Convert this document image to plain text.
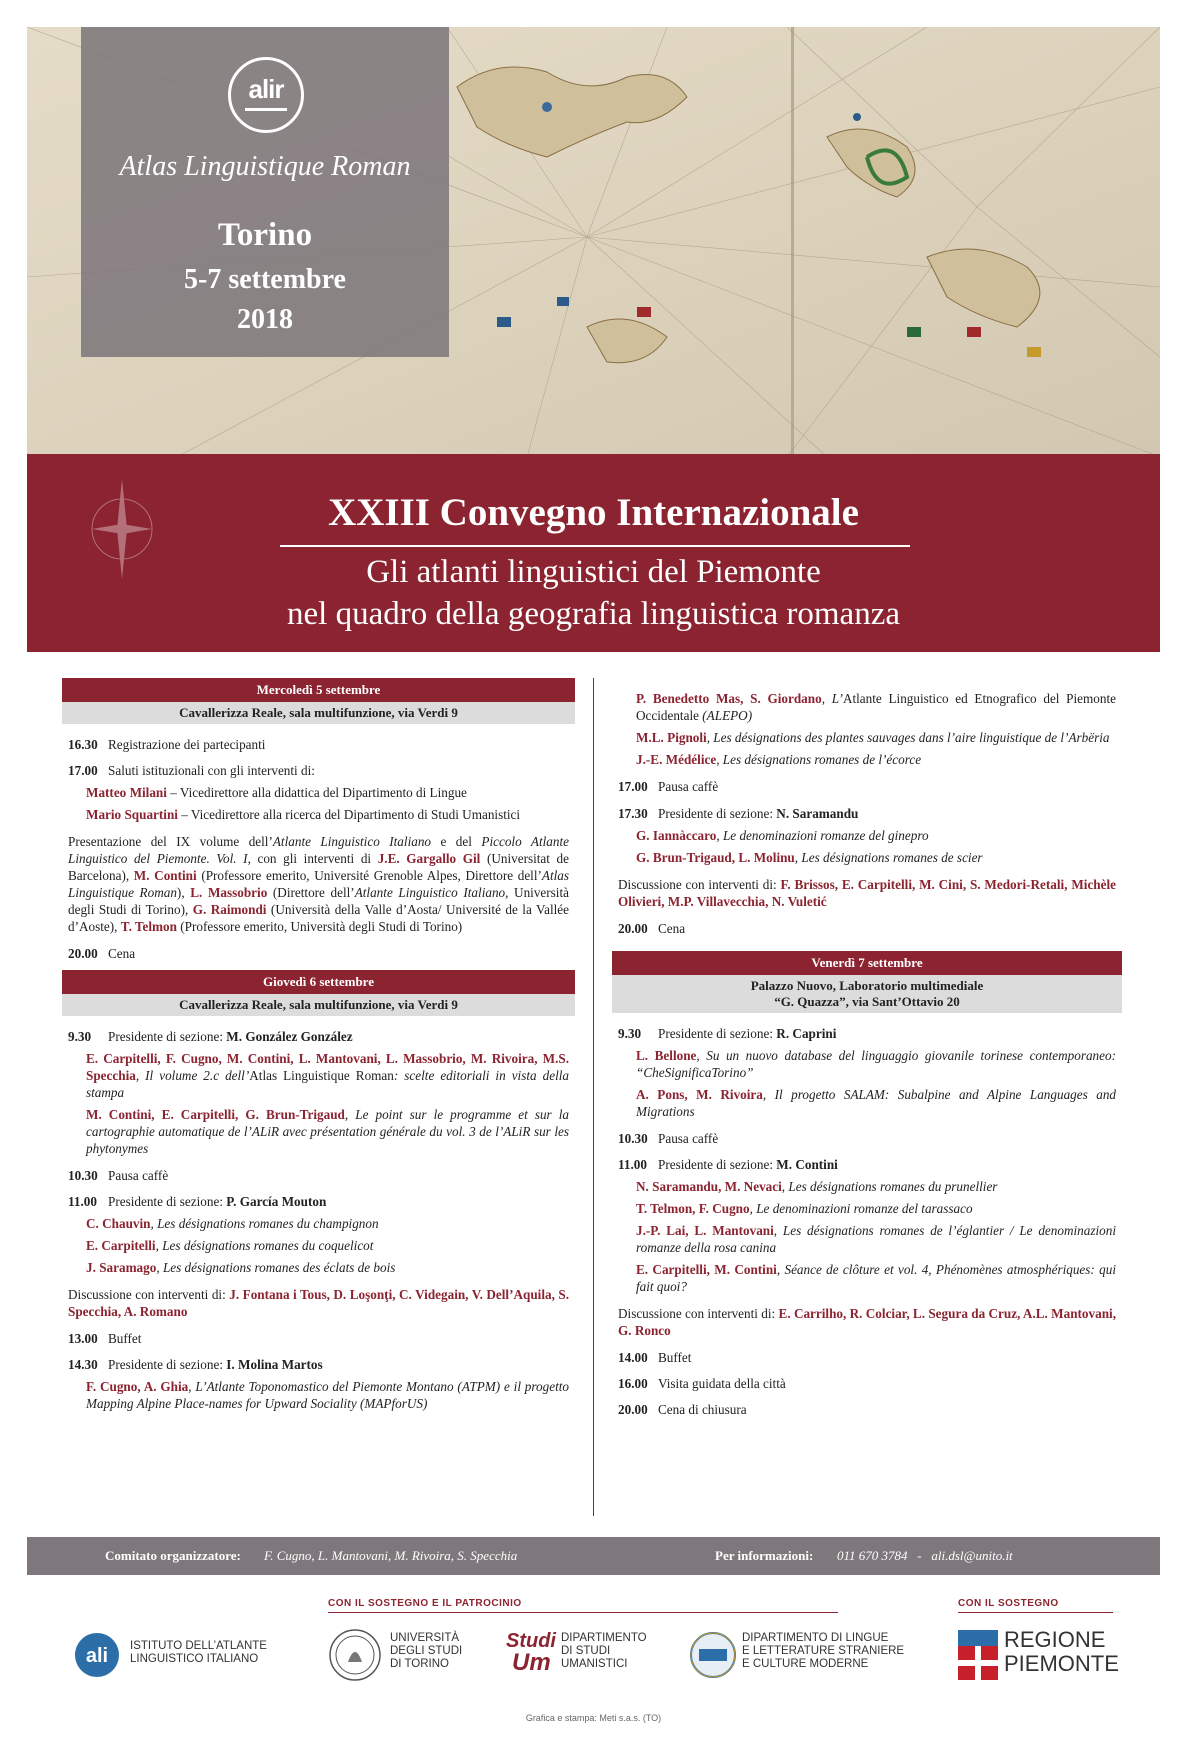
alir
Atlas Linguistique Roman
Torino
5-7 settembre
2018
XXIII Convegno Internazionale
Gli atlanti linguistici del Piemonte
nel quadro della geografia linguistica romanza
Mercoledì 5 settembre
Cavallerizza Reale, sala multifunzione, via Verdi 9
16.30 Registrazione dei partecipanti
17.00 Saluti istituzionali con gli interventi di:
Matteo Milani – Vicedirettore alla didattica del Dipartimento di Lingue
Mario Squartini – Vicedirettore alla ricerca del Dipartimento di Studi Umanistici
Presentazione del IX volume dell’Atlante Linguistico Italiano e del Piccolo Atlante Linguistico del Piemonte. Vol. I, con gli interventi di J.E. Gargallo Gil (Universitat de Barcelona), M. Contini (Professore emerito, Université Grenoble Alpes, Direttore dell’Atlas Linguistique Roman), L. Massobrio (Direttore dell’Atlante Linguistico Italiano, Università degli Studi di Torino), G. Raimondi (Università della Valle d’Aosta/ Université de la Vallée d’Aoste), T. Telmon (Professore emerito, Università degli Studi di Torino)
20.00 Cena
Giovedì 6 settembre
Cavallerizza Reale, sala multifunzione, via Verdi 9
9.30	Presidente di sezione: M. González González
E. Carpitelli, F. Cugno, M. Contini, L. Mantovani, L. Massobrio, M. Rivoira, M.S. Specchia, Il volume 2.c dell’Atlas Linguistique Roman: scelte editoriali in vista della stampa
M. Contini, E. Carpitelli, G. Brun-Trigaud, Le point sur le programme et sur la cartographie automatique de l’ALiR avec présentation générale du vol. 3 de l’ALiR sur les phytonymes
10.30 Pausa caffè
11.00 Presidente di sezione: P. García Mouton
C. Chauvin, Les désignations romanes du champignon
E. Carpitelli, Les désignations romanes du coquelicot
J. Saramago, Les désignations romanes des éclats de bois
Discussione con interventi di: J. Fontana i Tous, D. Loşonţi, C. Videgain, V. Dell’Aquila, S. Specchia, A. Romano
13.00 Buffet
14.30 Presidente di sezione: I. Molina Martos
F. Cugno, A. Ghia, L’Atlante Toponomastico del Piemonte Montano (ATPM) e il progetto Mapping Alpine Place-names for Upward Sociality (MAPforUS)
P. Benedetto Mas, S. Giordano, L’Atlante Linguistico ed Etnografico del Piemonte Occidentale (ALEPO)
M.L. Pignoli, Les désignations des plantes sauvages dans l’aire linguistique de l’Arbëria
J.-E. Médélice, Les désignations romanes de l’écorce
17.00 Pausa caffè
17.30 Presidente di sezione: N. Saramandu
G. Iannàccaro, Le denominazioni romanze del ginepro
G. Brun-Trigaud, L. Molinu, Les désignations romanes de scier
Discussione con interventi di: F. Brissos, E. Carpitelli, M. Cini, S. Medori-Retali, Michèle Olivieri, M.P. Villavecchia, N. Vuletić
20.00 Cena
Venerdì 7 settembre
Palazzo Nuovo, Laboratorio multimediale
“G. Quazza”, via Sant’Ottavio 20
9.30	Presidente di sezione: R. Caprini
L. Bellone, Su un nuovo database del linguaggio giovanile torinese contemporaneo: “CheSignificaTorino”
A. Pons, M. Rivoira, Il progetto SALAM: Subalpine and Alpine Languages and Migrations
10.30 Pausa caffè
11.00 Presidente di sezione: M. Contini
N. Saramandu, M. Nevaci, Les désignations romanes du prunellier
T. Telmon, F. Cugno, Le denominazioni romanze del tarassaco
J.-P. Lai, L. Mantovani, Les désignations romanes de l’églantier / Le denominazioni romanze della rosa canina
E. Carpitelli, M. Contini, Séance de clôture et vol. 4, Phénomènes atmosphériques: qui fait quoi?
Discussione con interventi di: E. Carrilho, R. Colciar, L. Segura da Cruz, A.L. Mantovani, G. Ronco
14.00 Buffet
16.00 Visita guidata della città
20.00 Cena di chiusura
Comitato organizzatore: F. Cugno, L. Mantovani, M. Rivoira, S. Specchia	Per informazioni: 011 670 3784   -   ali.dsl@unito.it
CON IL SOSTEGNO E IL PATROCINIO	CON IL SOSTEGNO
ali ISTITUTO DELL’ATLANTE
LINGUISTICO ITALIANO
UNIVERSITÀ
DEGLI STUDI
DI TORINO
Studi
Um
DIPARTIMENTO
DI STUDI
UMANISTICI
DIPARTIMENTO DI LINGUE
E LETTERATURE STRANIERE
E CULTURE MODERNE
REGIONE
PIEMONTE
Grafica e stampa: Meti s.a.s. (TO)
